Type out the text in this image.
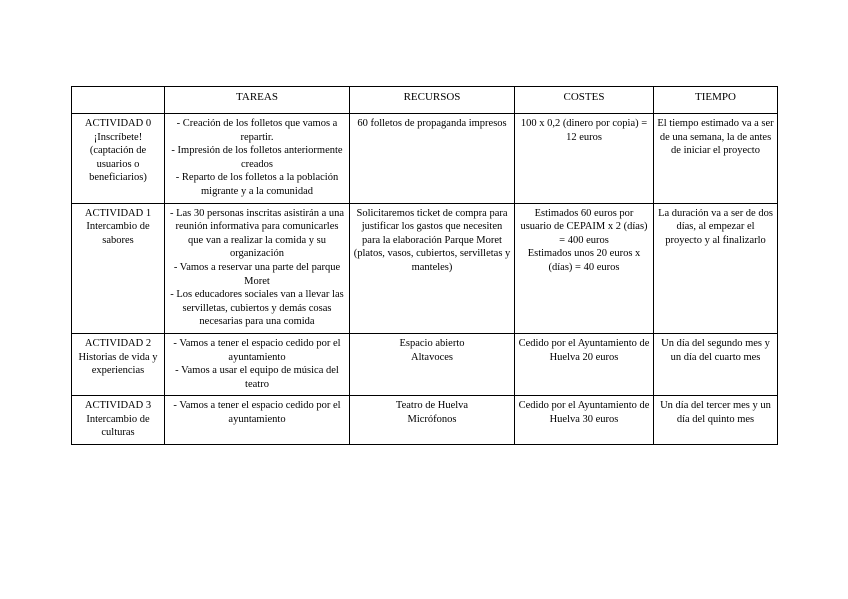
	TAREAS	RECURSOS	COSTES	TIEMPO

ACTIVIDAD 0
¡Inscríbete!
(captación de usuarios o beneficiarios)	- Creación de los folletos que vamos a repartir.
- Impresión de los folletos anteriormente creados
- Reparto de los folletos a la población migrante y a la comunidad	60 folletos de propaganda impresos	100 x 0,2 (dinero por copia) = 12 euros	El tiempo estimado va a ser de una semana, la de antes de iniciar el proyecto

ACTIVIDAD 1
Intercambio de sabores	- Las 30 personas inscritas asistirán a una reunión informativa para comunicarles que van a realizar la comida y su organización
- Vamos a reservar una parte del parque Moret
- Los educadores sociales van a llevar las servilletas, cubiertos y demás cosas necesarias para una comida	Solicitaremos ticket de compra para justificar los gastos que necesiten para la elaboración Parque Moret (platos, vasos, cubiertos, servilletas y manteles)	Estimados 60 euros por usuario de CEPAIM x 2 (días) = 400 euros
Estimados unos 20 euros x (días) = 40 euros	La duración va a ser de dos días, al empezar el proyecto y al finalizarlo

ACTIVIDAD 2
Historias de vida y experiencias	- Vamos a tener el espacio cedido por el ayuntamiento
- Vamos a usar el equipo de música del teatro	Espacio abierto
Altavoces	Cedido por el Ayuntamiento de Huelva 20 euros	Un día del segundo mes y un día del cuarto mes

ACTIVIDAD 3
Intercambio de culturas	- Vamos a tener el espacio cedido por el ayuntamiento	Teatro de Huelva
Micrófonos	Cedido por el Ayuntamiento de Huelva 30 euros	Un día del tercer mes y un día del quinto mes
